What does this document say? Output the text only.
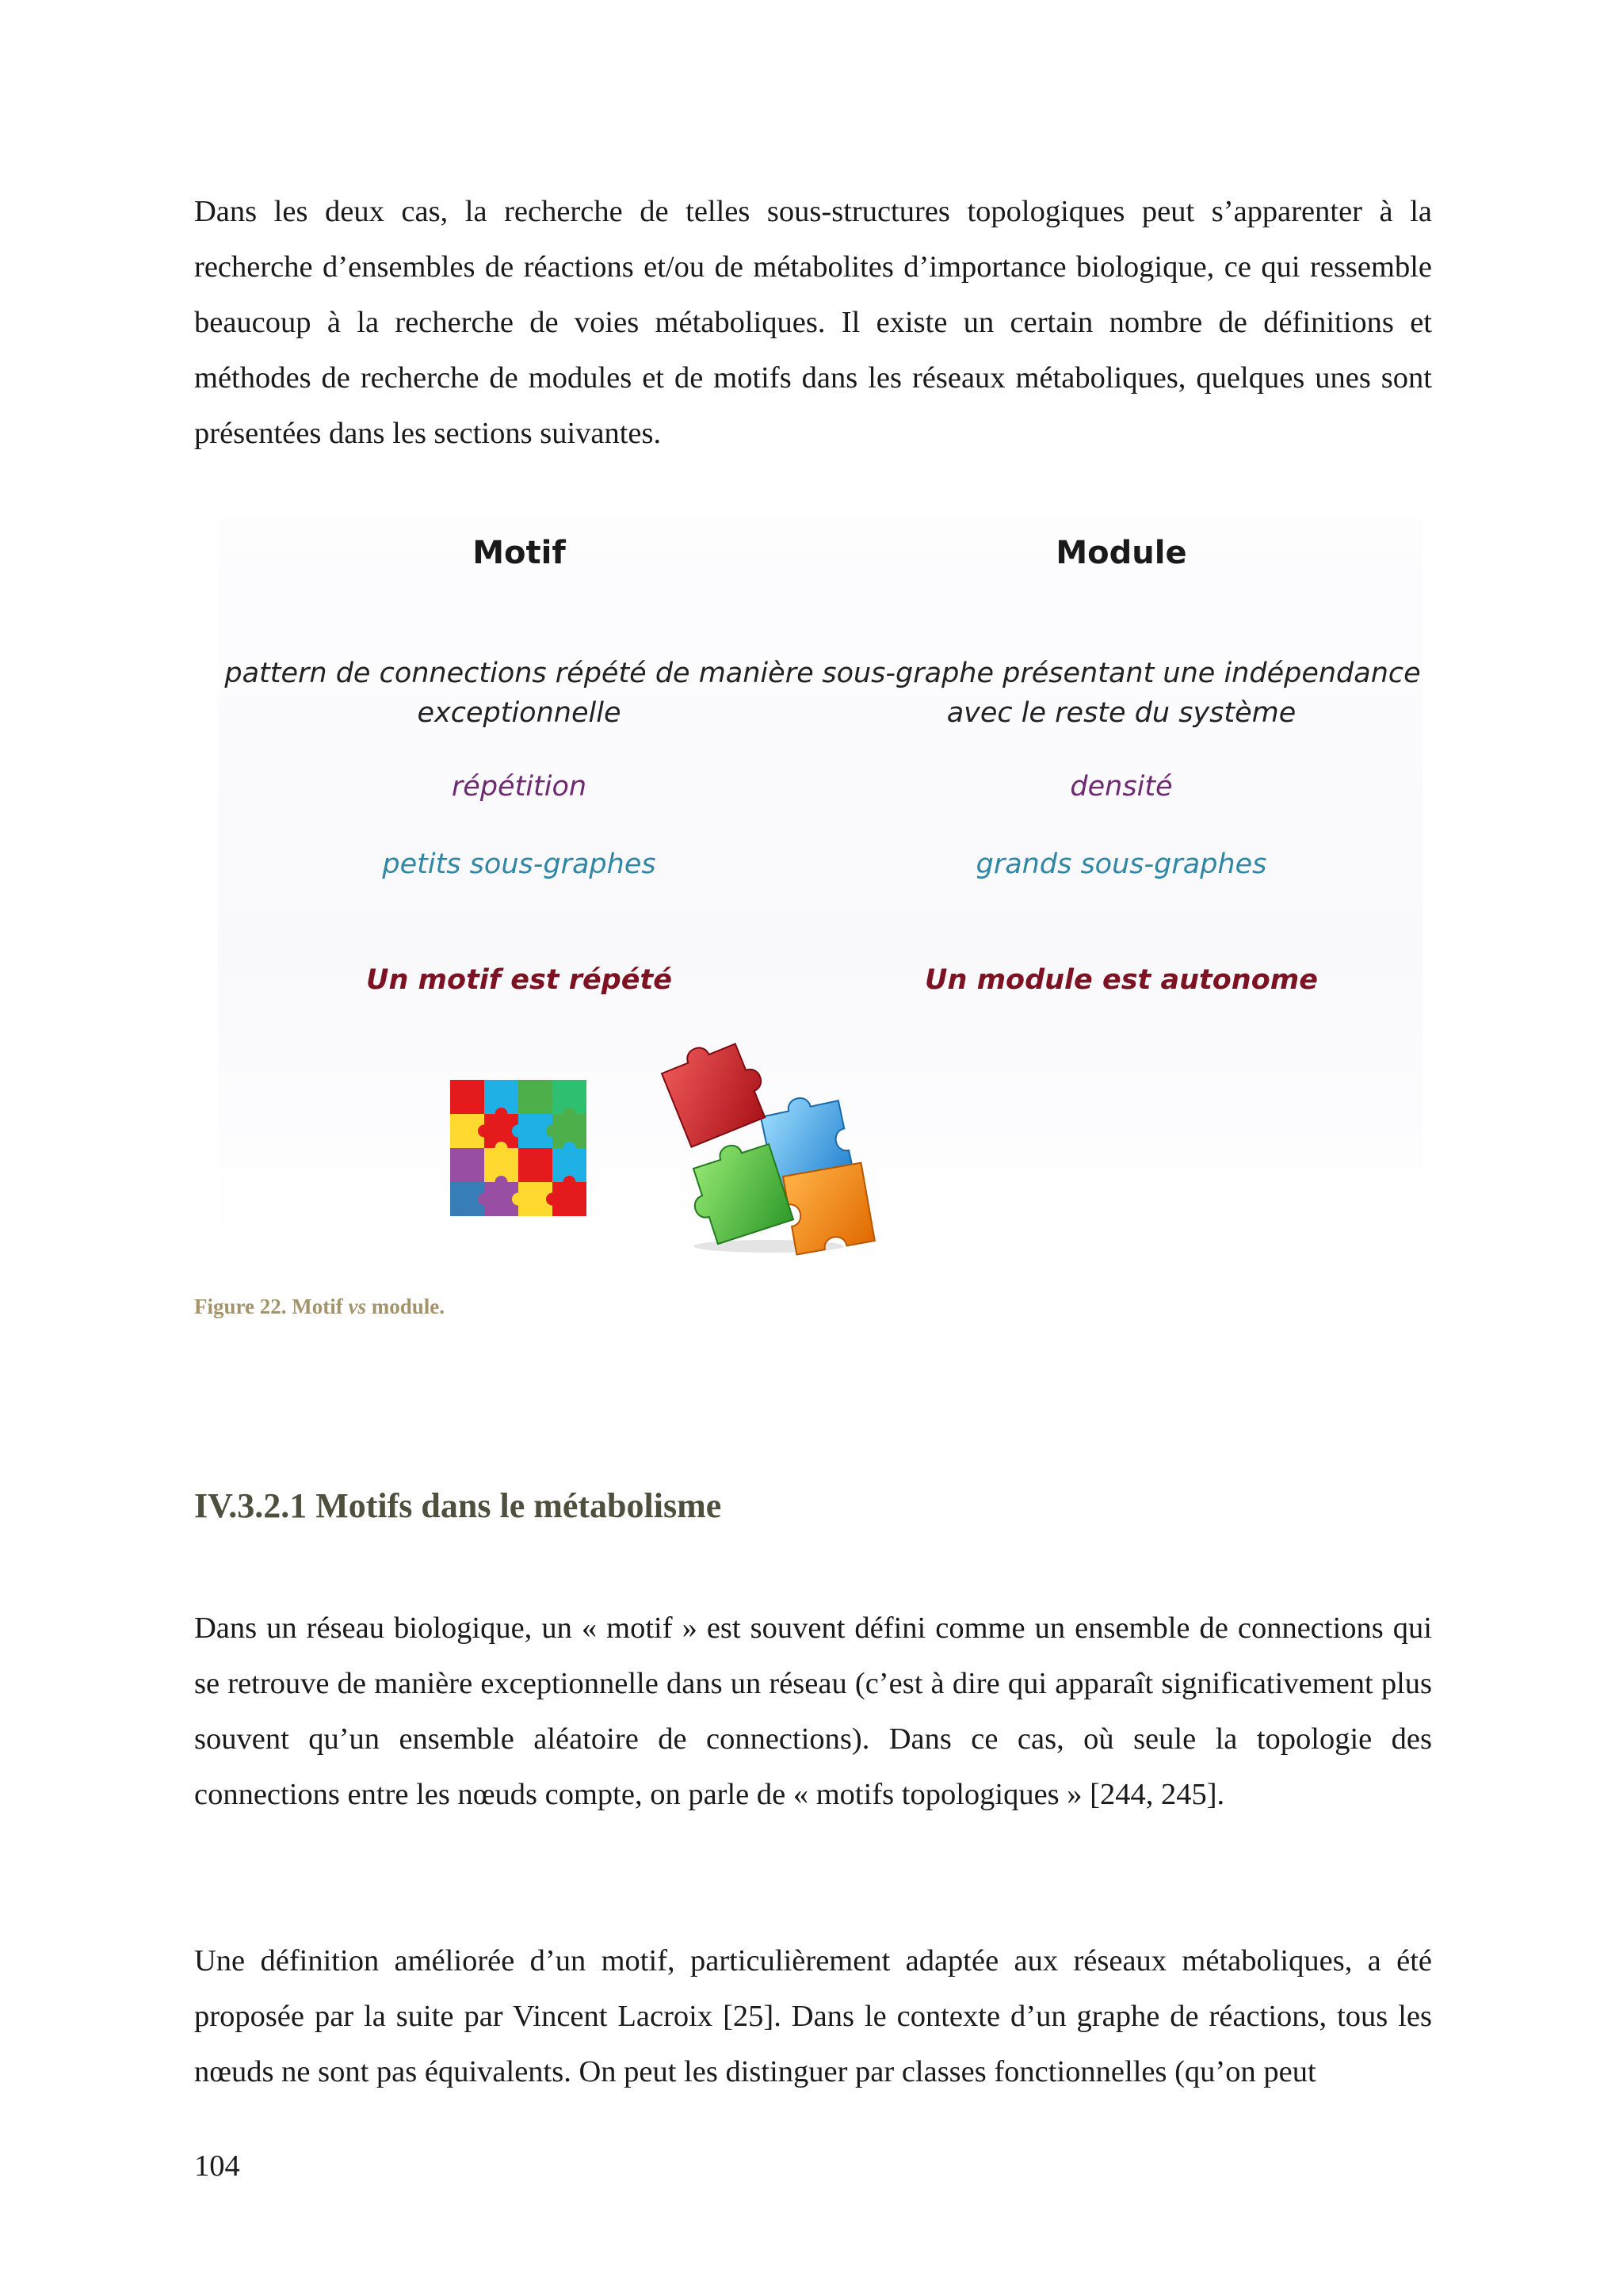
Dans les deux cas, la recherche de telles sous-structures topologiques peut s’apparenter à la recherche d’ensembles de réactions et/ou de métabolites d’importance biologique, ce qui ressemble beaucoup à la recherche de voies métaboliques. Il existe un certain nombre de définitions et méthodes de recherche de modules et de motifs dans les réseaux métaboliques, quelques unes sont présentées dans les sections suivantes.

Motif
pattern de connections répété de manière exceptionnelle
répétition
petits sous-graphes
Un motif est répété
Module
sous-graphe présentant une indépendance avec le reste du système
densité
grands sous-graphes
Un module est autonome

Figure 22. Motif vs module.

IV.3.2.1 Motifs dans le métabolisme

Dans un réseau biologique, un « motif » est souvent défini comme un ensemble de connections qui se retrouve de manière exceptionnelle dans un réseau (c’est à dire qui apparaît significativement plus souvent qu’un ensemble aléatoire de connections). Dans ce cas, où seule la topologie des connections entre les nœuds compte, on parle de « motifs topologiques » [244, 245].

Une définition améliorée d’un motif, particulièrement adaptée aux réseaux métaboliques, a été proposée par la suite par Vincent Lacroix [25]. Dans le contexte d’un graphe de réactions, tous les nœuds ne sont pas équivalents. On peut les distinguer par classes fonctionnelles (qu’on peut

104
